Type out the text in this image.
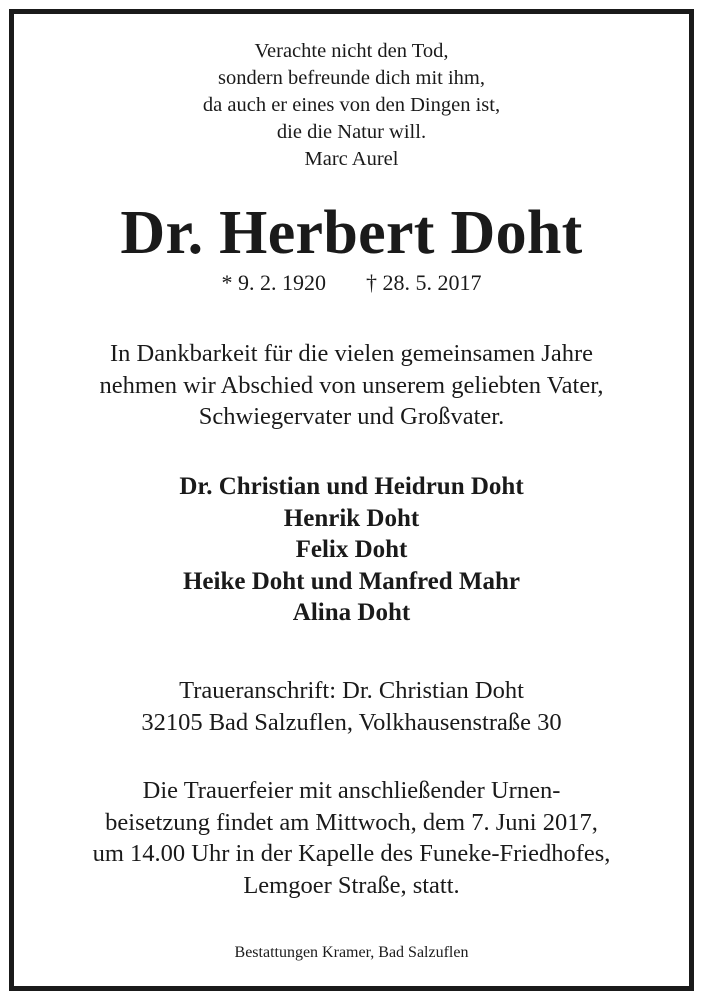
Verachte nicht den Tod,
sondern befreunde dich mit ihm,
da auch er eines von den Dingen ist,
die die Natur will.
Marc Aurel
Dr. Herbert Doht
* 9. 2. 1920 † 28. 5. 2017
In Dankbarkeit für die vielen gemeinsamen Jahre
nehmen wir Abschied von unserem geliebten Vater,
Schwiegervater und Großvater.
Dr. Christian und Heidrun Doht
Henrik Doht
Felix Doht
Heike Doht und Manfred Mahr
Alina Doht
Traueranschrift: Dr. Christian Doht
32105 Bad Salzuflen, Volkhausenstraße 30
Die Trauerfeier mit anschließender Urnen-
beisetzung findet am Mittwoch, dem 7. Juni 2017,
um 14.00 Uhr in der Kapelle des Funeke-Friedhofes,
Lemgoer Straße, statt.
Bestattungen Kramer, Bad Salzuflen
